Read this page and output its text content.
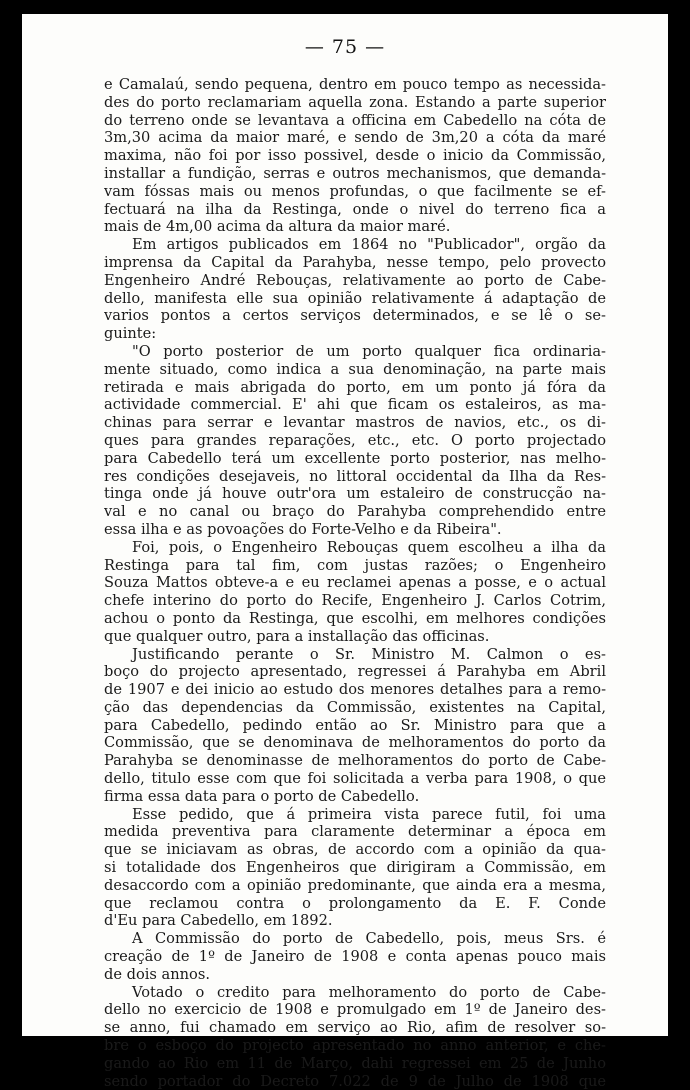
— 75 —
e Camalaú, sendo pequena, dentro em pouco tempo as necessida-
des do porto reclamariam aquella zona. Estando a parte superior
do terreno onde se levantava a officina em Cabedello na cóta de
3m,30 acima da maior maré, e sendo de 3m,20 a cóta da maré
maxima, não foi por isso possivel, desde o inicio da Commissão,
installar a fundição, serras e outros mechanismos, que demanda-
vam fóssas mais ou menos profundas, o que facilmente se ef-
fectuará na ilha da Restinga, onde o nivel do terreno fica a
mais de 4m,00 acima da altura da maior maré.
Em artigos publicados em 1864 no "Publicador", orgão da
imprensa da Capital da Parahyba, nesse tempo, pelo provecto
Engenheiro André Rebouças, relativamente ao porto de Cabe-
dello, manifesta elle sua opinião relativamente á adaptação de
varios pontos a certos serviços determinados, e se lê o se-
guinte:
"O porto posterior de um porto qualquer fica ordinaria-
mente situado, como indica a sua denominação, na parte mais
retirada e mais abrigada do porto, em um ponto já fóra da
actividade commercial. E' ahi que ficam os estaleiros, as ma-
chinas para serrar e levantar mastros de navios, etc., os di-
ques para grandes reparações, etc., etc. O porto projectado
para Cabedello terá um excellente porto posterior, nas melho-
res condições desejaveis, no littoral occidental da Ilha da Res-
tinga onde já houve outr'ora um estaleiro de construcção na-
val e no canal ou braço do Parahyba comprehendido entre
essa ilha e as povoações do Forte-Velho e da Ribeira".
Foi, pois, o Engenheiro Rebouças quem escolheu a ilha da
Restinga para tal fim, com justas razões; o Engenheiro
Souza Mattos obteve-a e eu reclamei apenas a posse, e o actual
chefe interino do porto do Recife, Engenheiro J. Carlos Cotrim,
achou o ponto da Restinga, que escolhi, em melhores condições
que qualquer outro, para a installação das officinas.
Justificando perante o Sr. Ministro M. Calmon o es-
boço do projecto apresentado, regressei á Parahyba em Abril
de 1907 e dei inicio ao estudo dos menores detalhes para a remo-
ção das dependencias da Commissão, existentes na Capital,
para Cabedello, pedindo então ao Sr. Ministro para que a
Commissão, que se denominava de melhoramentos do porto da
Parahyba se denominasse de melhoramentos do porto de Cabe-
dello, titulo esse com que foi solicitada a verba para 1908, o que
firma essa data para o porto de Cabedello.
Esse pedido, que á primeira vista parece futil, foi uma
medida preventiva para claramente determinar a época em
que se iniciavam as obras, de accordo com a opinião da qua-
si totalidade dos Engenheiros que dirigiram a Commissão, em
desaccordo com a opinião predominante, que ainda era a mesma,
que reclamou contra o prolongamento da E. F. Conde
d'Eu para Cabedello, em 1892.
A Commissão do porto de Cabedello, pois, meus Srs. é
creação de 1º de Janeiro de 1908 e conta apenas pouco mais
de dois annos.
Votado o credito para melhoramento do porto de Cabe-
dello no exercicio de 1908 e promulgado em 1º de Janeiro des-
se anno, fui chamado em serviço ao Rio, afim de resolver so-
bre o esboço do projecto apresentado no anno anterior, e che-
gando ao Rio em 11 de Março, dahi regressei em 25 de Junho
sendo portador do Decreto 7.022 de 9 de Julho de 1908 que
